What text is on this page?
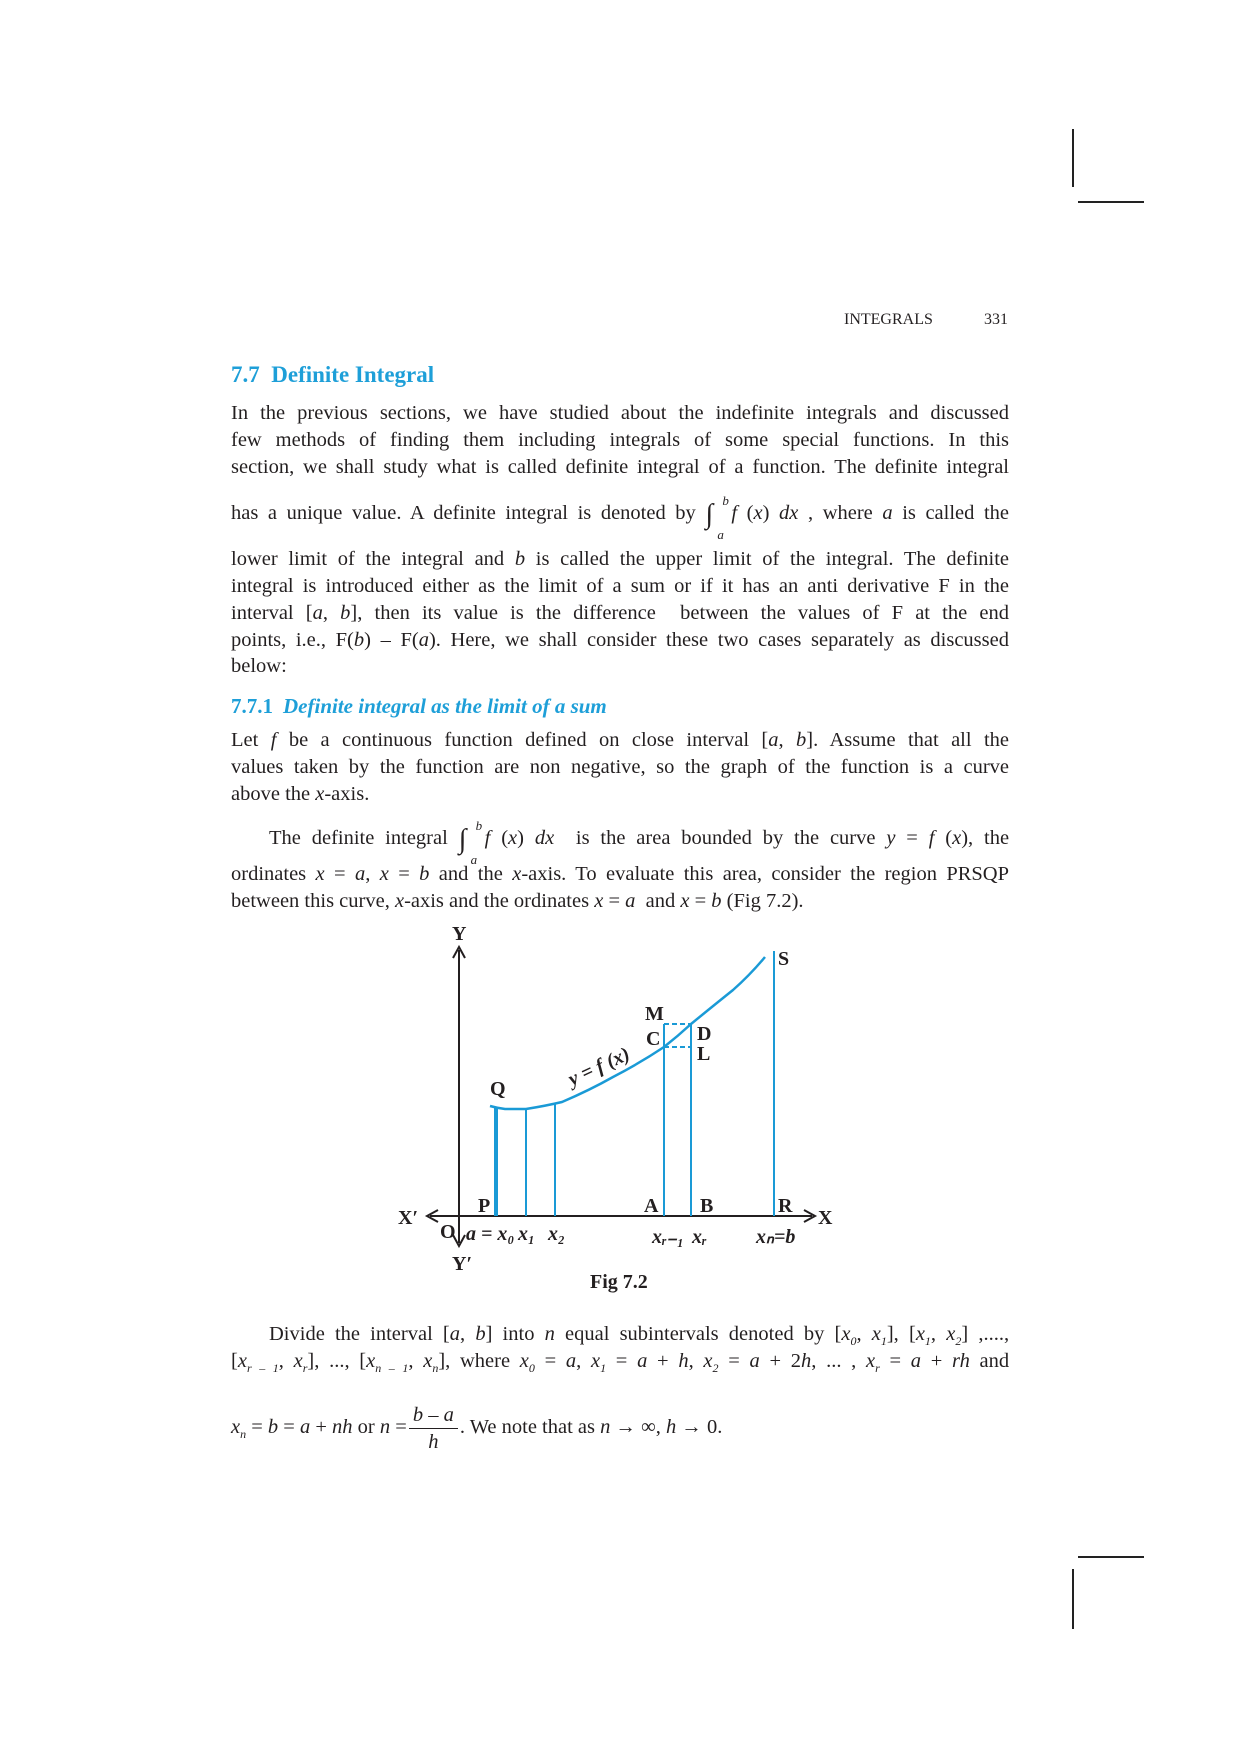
INTEGRALS	331
7.7 Definite Integral
7.7.1 Definite integral as the limit of a sum
In the previous sections, we have studied about the indefinite integrals and discussed
few methods of finding them including integrals of some special functions. In this
section, we shall study what is called definite integral of a function. The definite integral
has a unique value. A definite integral is denoted by ∫ b
a
f (x) dx , where a is called the
lower limit of the integral and b is called the upper limit of the integral. The definite
integral is introduced either as the limit of a sum or if it has an anti derivative F in the
interval [a, b], then its value is the difference  between the values of F at the end
points, i.e., F(b) – F(a). Here, we shall consider these two cases separately as discussed
below:
Let f be a continuous function defined on close interval [a, b]. Assume that all the
values taken by the function are non negative, so the graph of the function is a curve
above the x-axis.
The definite integral ∫ b
a
f (x) dx  is the area bounded by the curve y = f (x), the
ordinates x = a, x = b and the x-axis. To evaluate this area, consider the region PRSQP
between this curve, x-axis and the ordinates x = a  and x = b (Fig 7.2).
Divide the interval [a, b] into n equal subintervals denoted by [$x_0$, $x_1$], [$x_1$, $x_2$] ,....,
[$x_{r - 1}$, $x_r$], ..., [$x_{n - 1}$, $x_n$], where $x_0 = a$, $x_1 = a + h$, $x_2 = a + 2h$, ... , $x_r = a$ + rh and
$x_n = b = a$ + nh or $n = \frac{b - a}{h}$ . We note that as n → ∞, h → 0.
Y
Y′
X
X′
O
P
Q
A B	R
S
M
C D
L
a = x₀ x₁ x₂	xᵣ₋₁ xᵣ xₙ=b
y = f (x)
Fig 7.2
